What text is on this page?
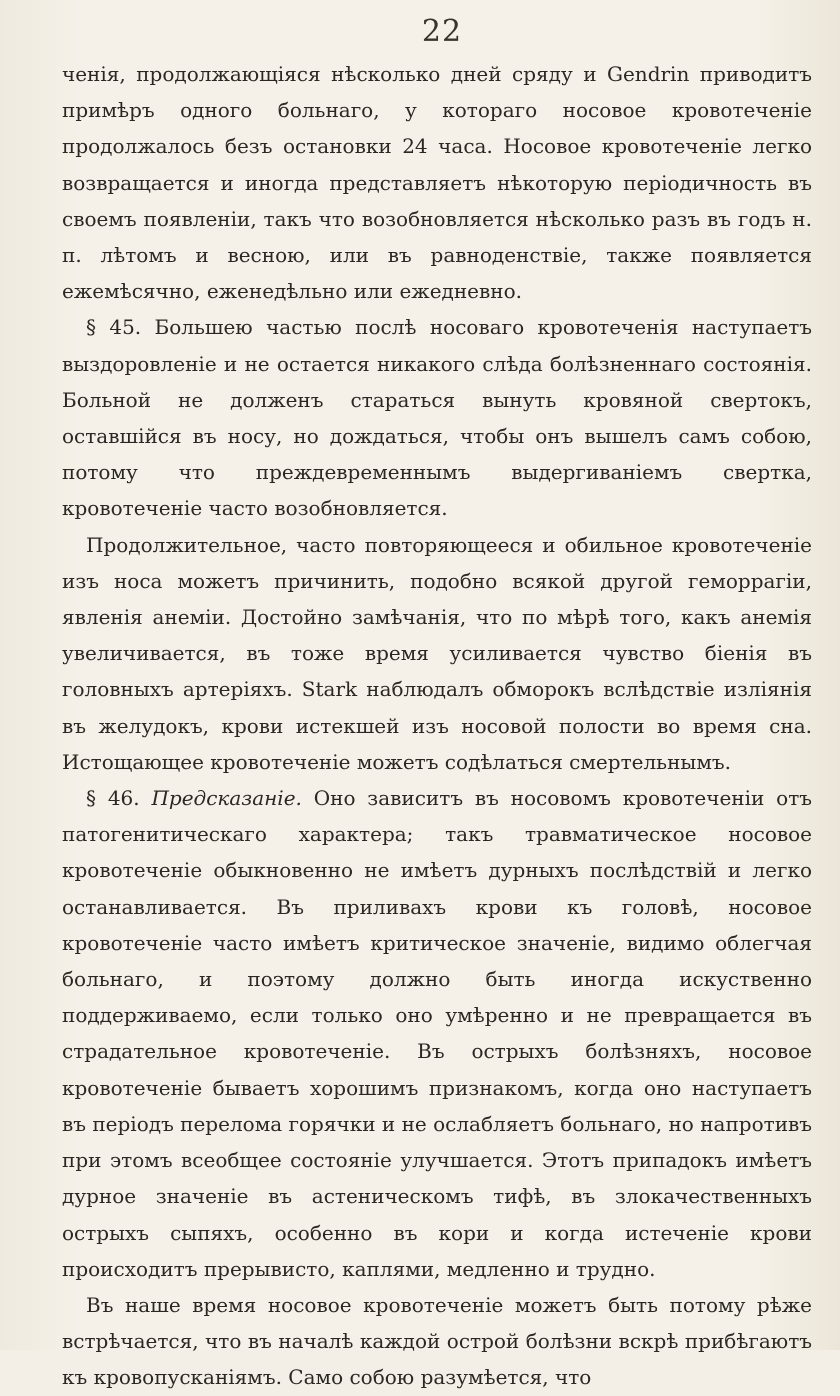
22

ченія, продолжающіяся нѣсколько дней сряду и Gendrin приводитъ примѣръ одного больнаго, у котораго носовое кровотеченіе продолжалось безъ остановки 24 часа. Носовое кровотеченіе легко возвращается и иногда представляетъ нѣкоторую періодичность въ своемъ появленіи, такъ что возобновляется нѣсколько разъ въ годъ н. п. лѣтомъ и весною, или въ равноденствіе, также появляется ежемѣсячно, еженедѣльно или ежедневно.

§ 45. Большею частью послѣ носоваго кровотеченія наступаетъ выздоровленіе и не остается никакого слѣда болѣзненнаго состоянія. Больной не долженъ стараться вынуть кровяной свертокъ, оставшійся въ носу, но дождаться, чтобы онъ вышелъ самъ собою, потому что преждевременнымъ выдергиваніемъ свертка, кровотеченіе часто возобновляется.

Продолжительное, часто повторяющееся и обильное кровотеченіе изъ носа можетъ причинить, подобно всякой другой геморрагіи, явленія анеміи. Достойно замѣчанія, что по мѣрѣ того, какъ анемія увеличивается, въ тоже время усиливается чувство біенія въ головныхъ артеріяхъ. Stark наблюдалъ обморокъ вслѣдствіе изліянія въ желудокъ, крови истекшей изъ носовой полости во время сна. Истощающее кровотеченіе можетъ содѣлаться смертельнымъ.

§ 46. Предсказаніе. Оно зависитъ въ носовомъ кровотеченіи отъ патогенитическаго характера; такъ травматическое носовое кровотеченіе обыкновенно не имѣетъ дурныхъ послѣдствій и легко останавливается. Въ приливахъ крови къ головѣ, носовое кровотеченіе часто имѣетъ критическое значеніе, видимо облегчая больнаго, и поэтому должно быть иногда искуственно поддерживаемо, если только оно умѣренно и не превращается въ страдательное кровотеченіе. Въ острыхъ болѣзняхъ, носовое кровотеченіе бываетъ хорошимъ признакомъ, когда оно наступаетъ въ періодъ перелома горячки и не ослабляетъ больнаго, но напротивъ при этомъ всеобщее состояніе улучшается. Этотъ припадокъ имѣетъ дурное значеніе въ астеническомъ тифѣ, въ злокачественныхъ острыхъ сыпяхъ, особенно въ кори и когда истеченіе крови происходитъ прерывисто, каплями, медленно и трудно.

Въ наше время носовое кровотеченіе можетъ быть потому рѣже встрѣчается, что въ началѣ каждой острой болѣзни вскрѣ прибѣгаютъ къ кровопусканіямъ. Само собою разумѣется, что
